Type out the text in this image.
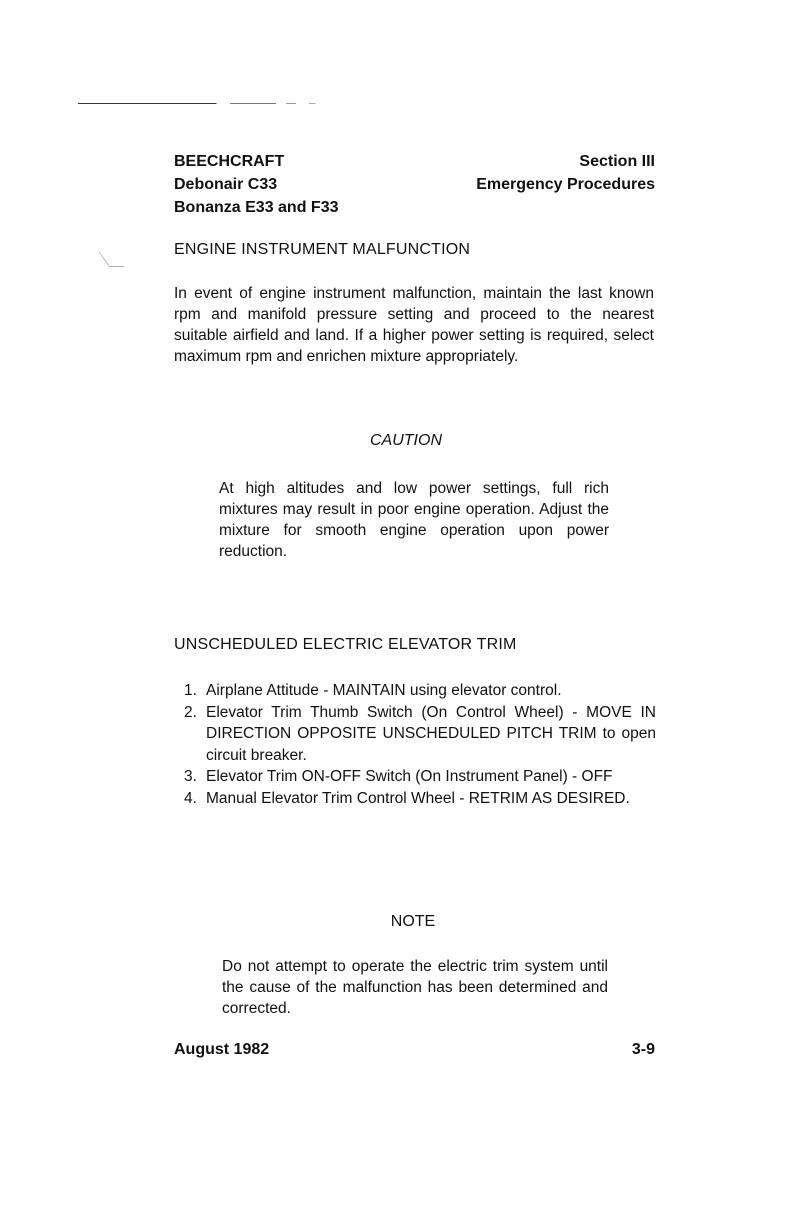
BEECHCRAFT
Debonair C33
Bonanza E33 and F33
Section III
Emergency Procedures
ENGINE INSTRUMENT MALFUNCTION
In event of engine instrument malfunction, maintain the last known rpm and manifold pressure setting and proceed to the nearest suitable airfield and land. If a higher power setting is required, select maximum rpm and enrichen mixture appropriately.
CAUTION
At high altitudes and low power settings, full rich mixtures may result in poor engine operation. Adjust the mixture for smooth engine operation upon power reduction.
UNSCHEDULED ELECTRIC ELEVATOR TRIM
1. Airplane Attitude - MAINTAIN using elevator control.
2. Elevator Trim Thumb Switch (On Control Wheel) - MOVE IN DIRECTION OPPOSITE UNSCHEDULED PITCH TRIM to open circuit breaker.
3. Elevator Trim ON-OFF Switch (On Instrument Panel) - OFF
4. Manual Elevator Trim Control Wheel - RETRIM AS DESIRED.
NOTE
Do not attempt to operate the electric trim system until the cause of the malfunction has been determined and corrected.
August 1982	3-9
